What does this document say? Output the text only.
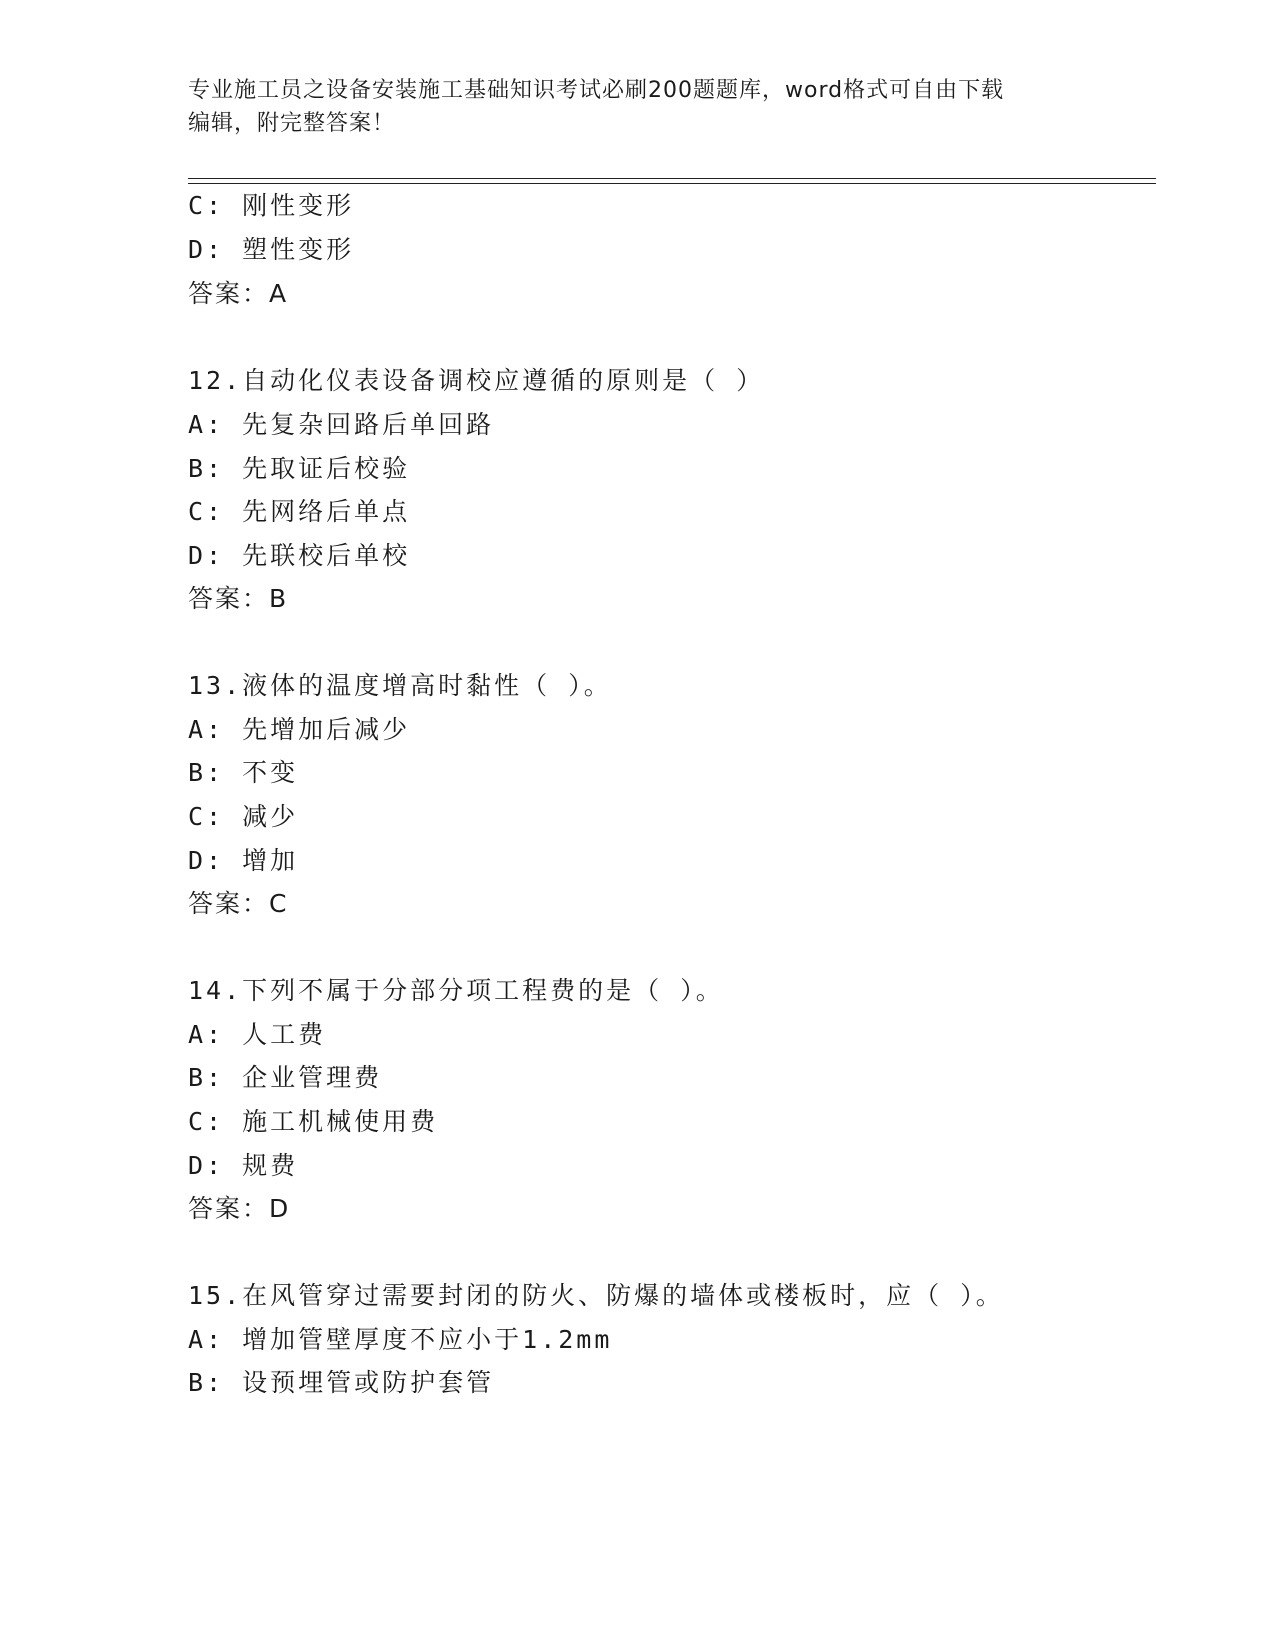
专业施工员之设备安装施工基础知识考试必刷200题题库，word格式可自由下载
编辑，附完整答案！
C: 刚性变形
D: 塑性变形
答案：A
12.自动化仪表设备调校应遵循的原则是（ ）
A: 先复杂回路后单回路
B: 先取证后校验
C: 先网络后单点
D: 先联校后单校
答案：B
13.液体的温度增高时黏性（ ）。
A: 先增加后减少
B: 不变
C: 减少
D: 增加
答案：C
14.下列不属于分部分项工程费的是（ ）。
A: 人工费
B: 企业管理费
C: 施工机械使用费
D: 规费
答案：D
15.在风管穿过需要封闭的防火、防爆的墙体或楼板时，应（ ）。
A: 增加管壁厚度不应小于1.2mm
B: 设预埋管或防护套管
